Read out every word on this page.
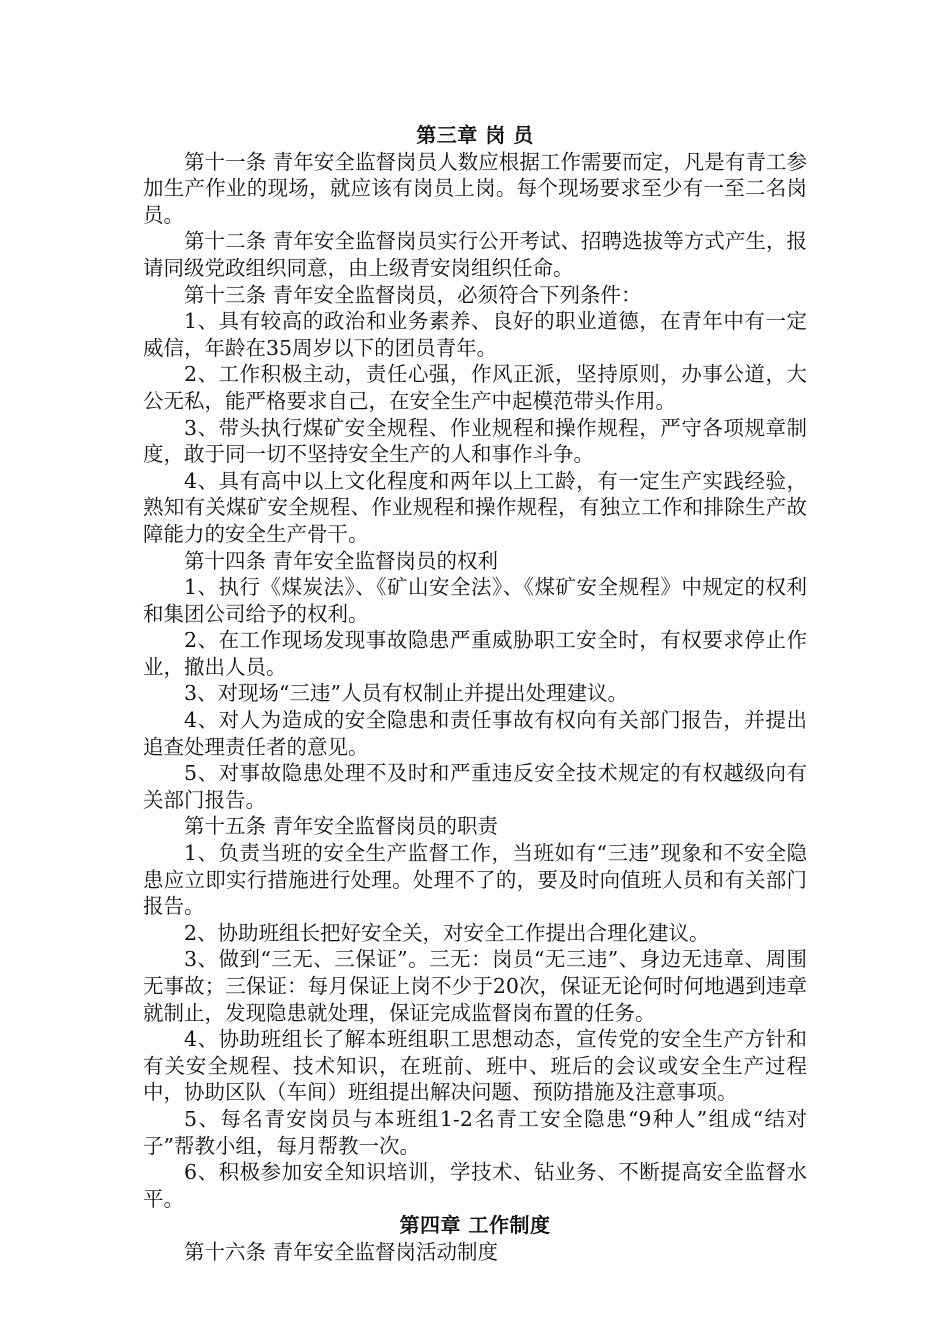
第三章 岗 员

第十一条 青年安全监督岗员人数应根据工作需要而定，凡是有青工参加生产作业的现场，就应该有岗员上岗。每个现场要求至少有一至二名岗员。

第十二条 青年安全监督岗员实行公开考试、招聘选拔等方式产生，报请同级党政组织同意，由上级青安岗组织任命。

第十三条 青年安全监督岗员，必须符合下列条件：

1、具有较高的政治和业务素养、良好的职业道德，在青年中有一定威信，年龄在35周岁以下的团员青年。

2、工作积极主动，责任心强，作风正派，坚持原则，办事公道，大公无私，能严格要求自己，在安全生产中起模范带头作用。

3、带头执行煤矿安全规程、作业规程和操作规程，严守各项规章制度，敢于同一切不坚持安全生产的人和事作斗争。

4、具有高中以上文化程度和两年以上工龄，有一定生产实践经验，熟知有关煤矿安全规程、作业规程和操作规程，有独立工作和排除生产故障能力的安全生产骨干。

第十四条 青年安全监督岗员的权利

1、执行《煤炭法》、《矿山安全法》、《煤矿安全规程》中规定的权利和集团公司给予的权利。

2、在工作现场发现事故隐患严重威胁职工安全时，有权要求停止作业，撤出人员。

3、对现场“三违”人员有权制止并提出处理建议。

4、对人为造成的安全隐患和责任事故有权向有关部门报告，并提出追查处理责任者的意见。

5、对事故隐患处理不及时和严重违反安全技术规定的有权越级向有关部门报告。

第十五条 青年安全监督岗员的职责

1、负责当班的安全生产监督工作，当班如有“三违”现象和不安全隐患应立即实行措施进行处理。处理不了的，要及时向值班人员和有关部门报告。

2、协助班组长把好安全关，对安全工作提出合理化建议。

3、做到“三无、三保证”。三无：岗员“无三违”、身边无违章、周围无事故；三保证：每月保证上岗不少于20次，保证无论何时何地遇到违章就制止，发现隐患就处理，保证完成监督岗布置的任务。

4、协助班组长了解本班组职工思想动态，宣传党的安全生产方针和有关安全规程、技术知识，在班前、班中、班后的会议或安全生产过程中，协助区队（车间）班组提出解决问题、预防措施及注意事项。

5、每名青安岗员与本班组1-2名青工安全隐患“9种人”组成“结对子”帮教小组，每月帮教一次。

6、积极参加安全知识培训，学技术、钻业务、不断提高安全监督水平。

第四章 工作制度

第十六条 青年安全监督岗活动制度
